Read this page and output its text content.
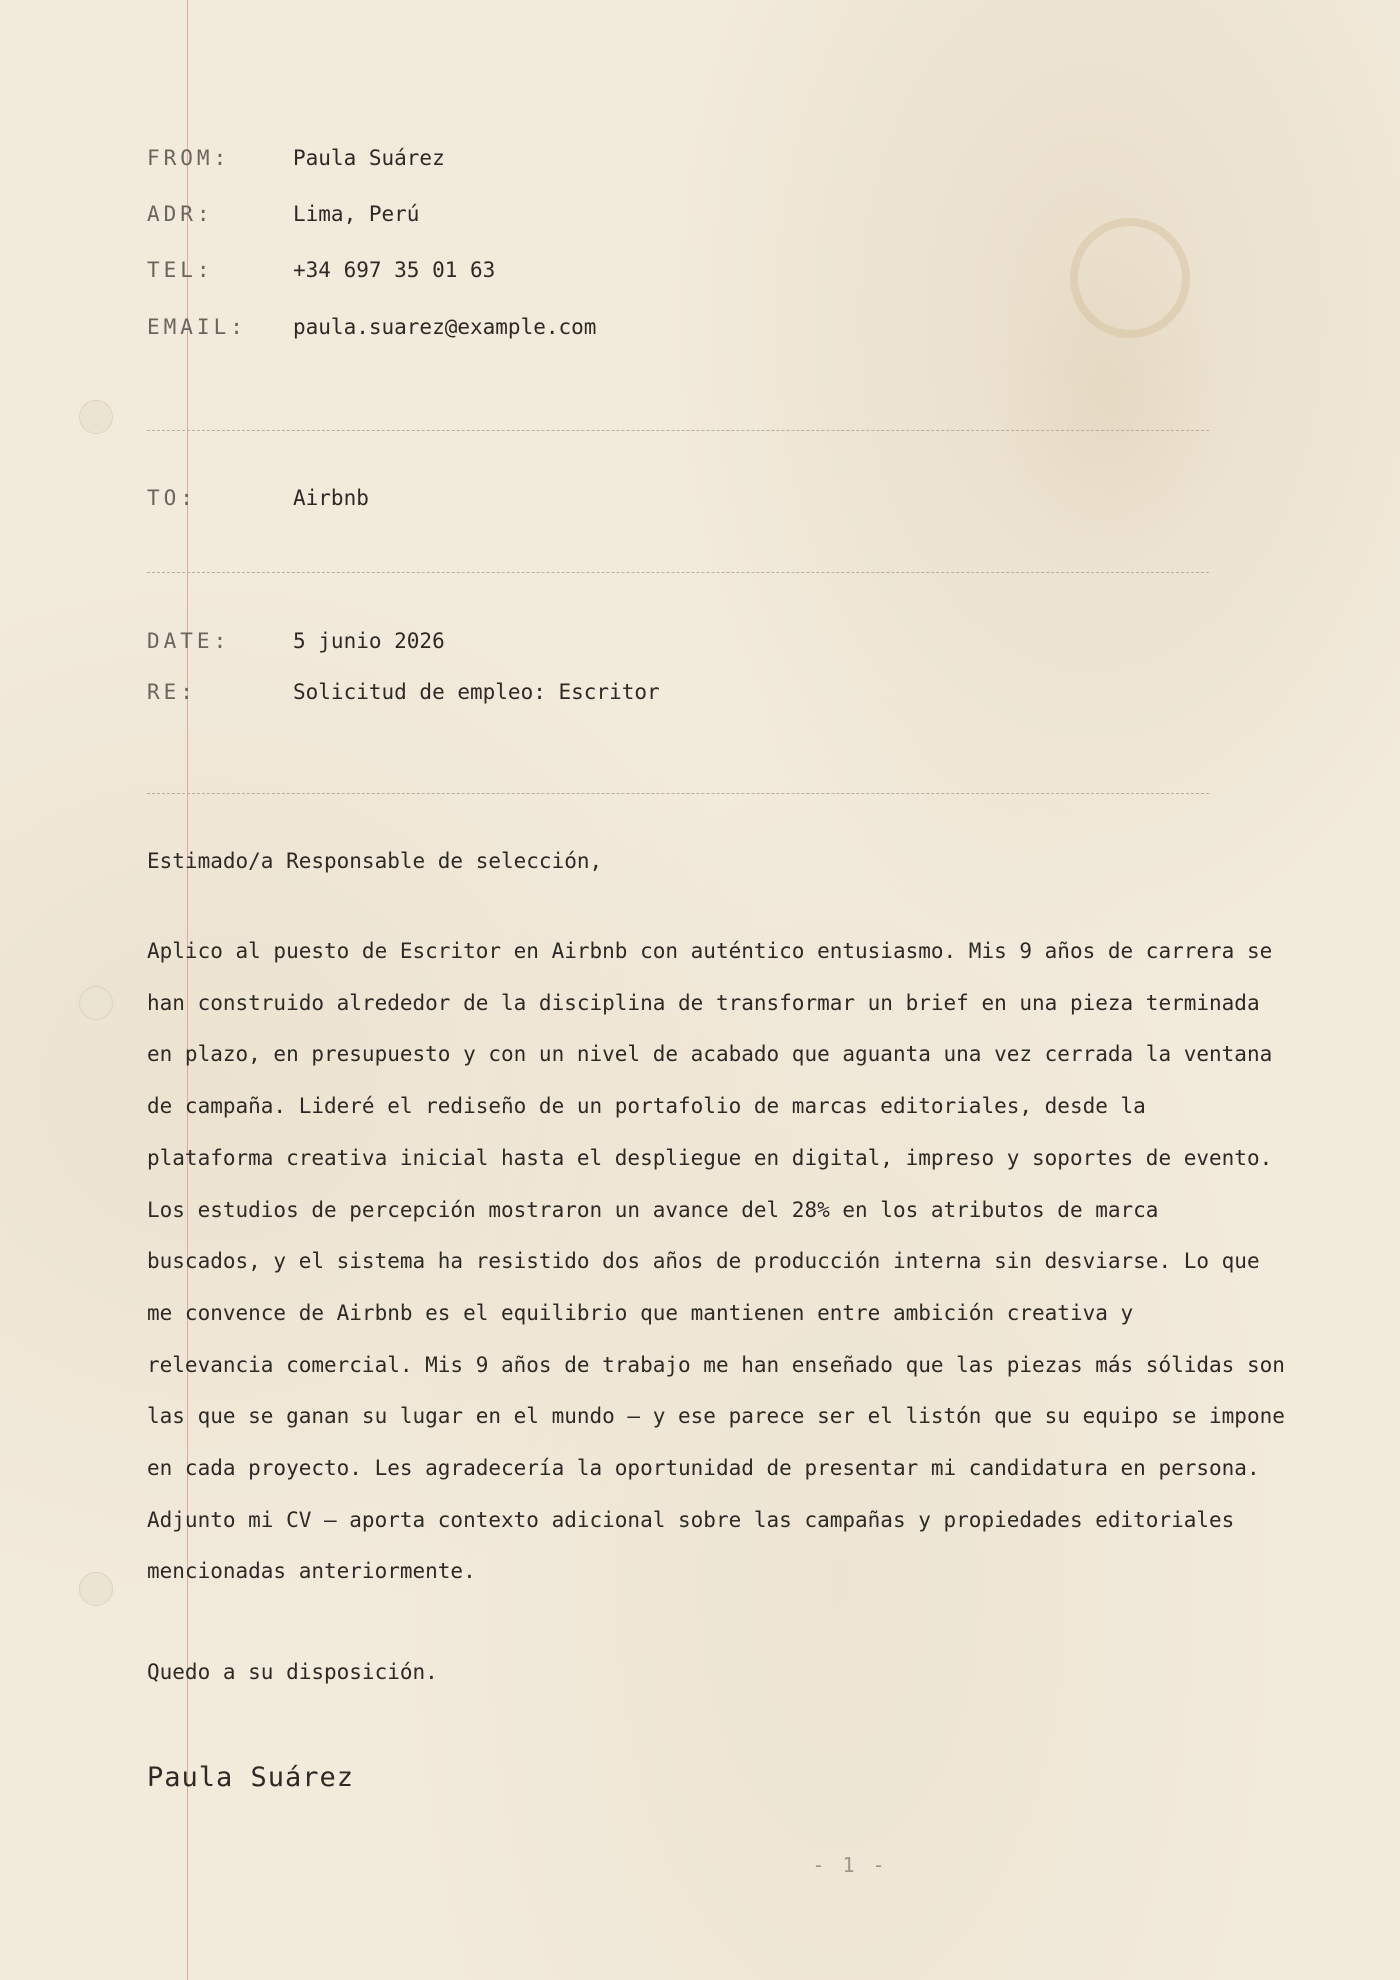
FROM:	Paula Suárez
ADR:	Lima, Perú
TEL:	+34 697 35 01 63
EMAIL: paula.suarez@example.com
TO:	Airbnb
DATE:	5 junio 2026
RE:	Solicitud de empleo: Escritor
Estimado/a Responsable de selección,
Aplico al puesto de Escritor en Airbnb con auténtico entusiasmo. Mis 9 años de carrera se
han construido alrededor de la disciplina de transformar un brief en una pieza terminada
en plazo, en presupuesto y con un nivel de acabado que aguanta una vez cerrada la ventana
de campaña. Lideré el rediseño de un portafolio de marcas editoriales, desde la
plataforma creativa inicial hasta el despliegue en digital, impreso y soportes de evento.
Los estudios de percepción mostraron un avance del 28% en los atributos de marca
buscados, y el sistema ha resistido dos años de producción interna sin desviarse. Lo que
me convence de Airbnb es el equilibrio que mantienen entre ambición creativa y
relevancia comercial. Mis 9 años de trabajo me han enseñado que las piezas más sólidas son
las que se ganan su lugar en el mundo — y ese parece ser el listón que su equipo se impone
en cada proyecto. Les agradecería la oportunidad de presentar mi candidatura en persona.
Adjunto mi CV — aporta contexto adicional sobre las campañas y propiedades editoriales
mencionadas anteriormente.
Quedo a su disposición.
Paula Suárez
- 1 -
